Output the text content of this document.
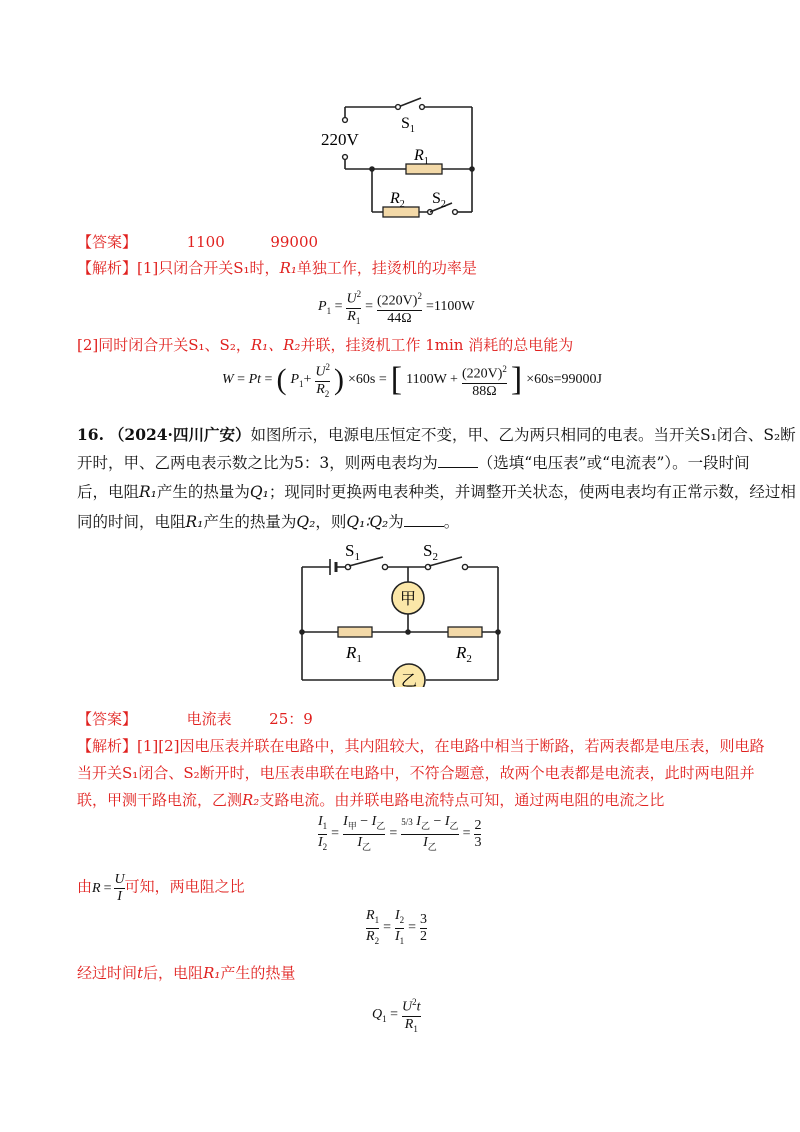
$S_1$
220V
$R_1$
$R_2$ $S_2$
【答案】	1100	99000
【解析】[1]只闭合开关S₁时，R₁单独工作，挂烫机的功率是
$P_1 = \frac{U^2}{R_1} = \frac{(220V)^2}{44\Omega} =1100W$
[2]同时闭合开关S₁、S₂，R₁、R₂并联，挂烫机工作 1min 消耗的总电能为
W = Pt = ( $P_1+ \frac{U^2}{R_2}$ ) ×60s = [ $1100W + \frac{(220V)^2}{88\Omega}$ ] ×60s=99000J
16. （2024·四川广安）如图所示，电源电压恒定不变，甲、乙为两只相同的电表。当开关S₁闭合、S₂断
开时，甲、乙两电表示数之比为5：3，则两电表均为	（选填“电压表”或“电流表”）。一段时间
后，电阻R₁产生的热量为Q₁；现同时更换两电表种类，并调整开关状态，使两电表均有正常示数，经过相
同的时间，电阻R₁产生的热量为Q₂，则Q₁∶Q₂为	。
$S_1$	$S_2$
甲
乙
$R_1$	$R_2$
【答案】	电流表	25：9
【解析】[1][2]因电压表并联在电路中，其内阻较大，在电路中相当于断路，若两表都是电压表，则电路
当开关S₁闭合、S₂断开时，电压表串联在电路中，不符合题意，故两个电表都是电流表，此时两电阻并
联，甲测干路电流，乙测R₂支路电流。由并联电路电流特点可知，通过两电阻的电流之比
$\frac{I_1}{I_2} = \frac{I_甲 - I_乙}{I_乙} = \frac{5/3 I_乙 - I_乙}{I_乙} = \frac{2}{3}$
由 $R = \frac{U}{I}$ 可知，两电阻之比
$\frac{R_1}{R_2} = \frac{I_2}{I_1} = \frac{3}{2}$
经过时间t后，电阻R₁产生的热量
$Q_1 = \frac{U^2t}{R_1}$
